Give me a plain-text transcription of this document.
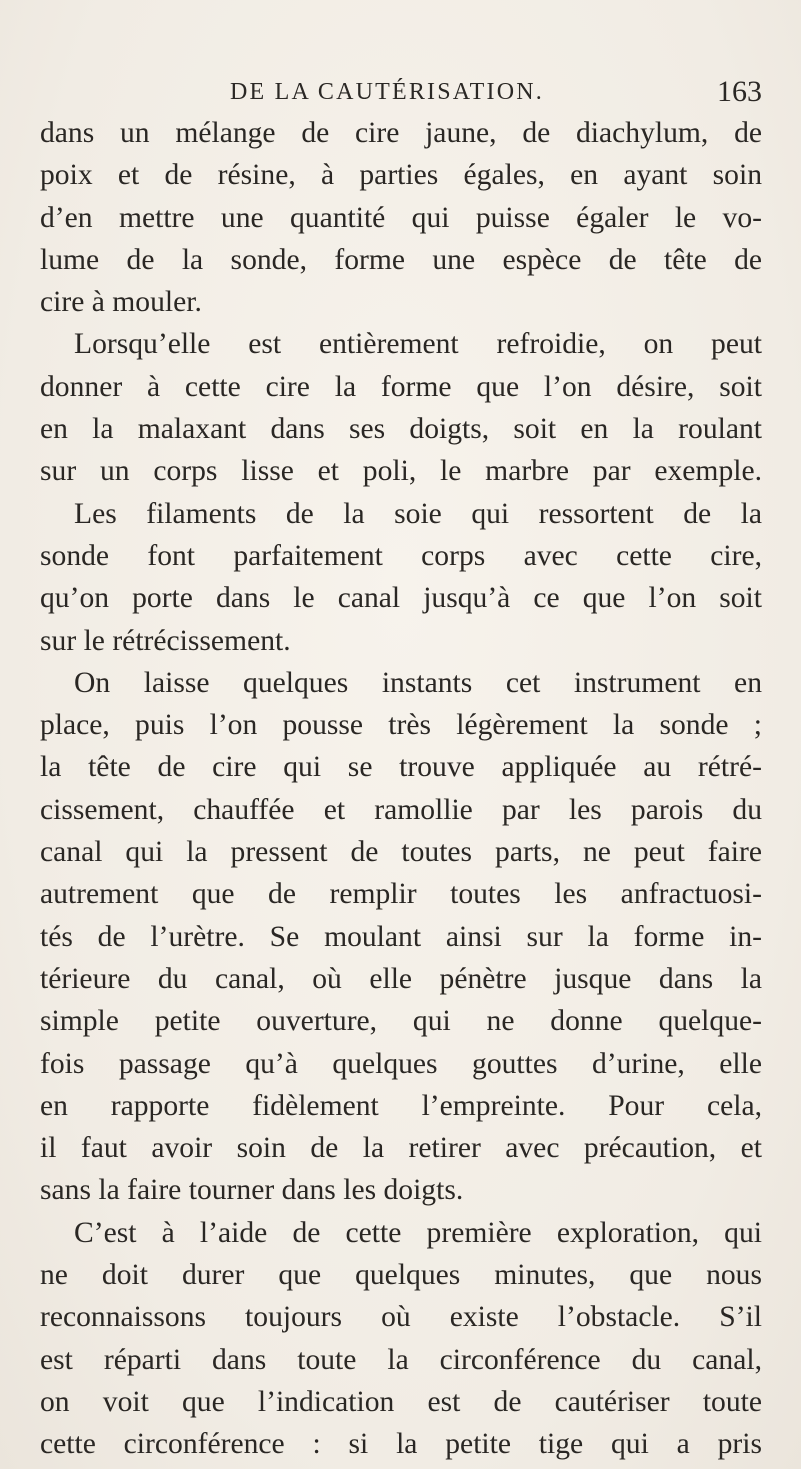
DE LA CAUTÉRISATION.	163
dans un mélange de cire jaune, de diachylum, de
poix et de résine, à parties égales, en ayant soin
d’en mettre une quantité qui puisse égaler le vo-
lume de la sonde, forme une espèce de tête de
cire à mouler.
Lorsqu’elle est entièrement refroidie, on peut
donner à cette cire la forme que l’on désire, soit
en la malaxant dans ses doigts, soit en la roulant
sur un corps lisse et poli, le marbre par exemple.
Les filaments de la soie qui ressortent de la
sonde font parfaitement corps avec cette cire,
qu’on porte dans le canal jusqu’à ce que l’on soit
sur le rétrécissement.
On laisse quelques instants cet instrument en
place, puis l’on pousse très légèrement la sonde ;
la tête de cire qui se trouve appliquée au rétré-
cissement, chauffée et ramollie par les parois du
canal qui la pressent de toutes parts, ne peut faire
autrement que de remplir toutes les anfractuosi-
tés de l’urètre. Se moulant ainsi sur la forme in-
térieure du canal, où elle pénètre jusque dans la
simple petite ouverture, qui ne donne quelque-
fois passage qu’à quelques gouttes d’urine, elle
en rapporte fidèlement l’empreinte. Pour cela,
il faut avoir soin de la retirer avec précaution, et
sans la faire tourner dans les doigts.
C’est à l’aide de cette première exploration, qui
ne doit durer que quelques minutes, que nous
reconnaissons toujours où existe l’obstacle. S’il
est réparti dans toute la circonférence du canal,
on voit que l’indication est de cautériser toute
cette circonférence : si la petite tige qui a pris
